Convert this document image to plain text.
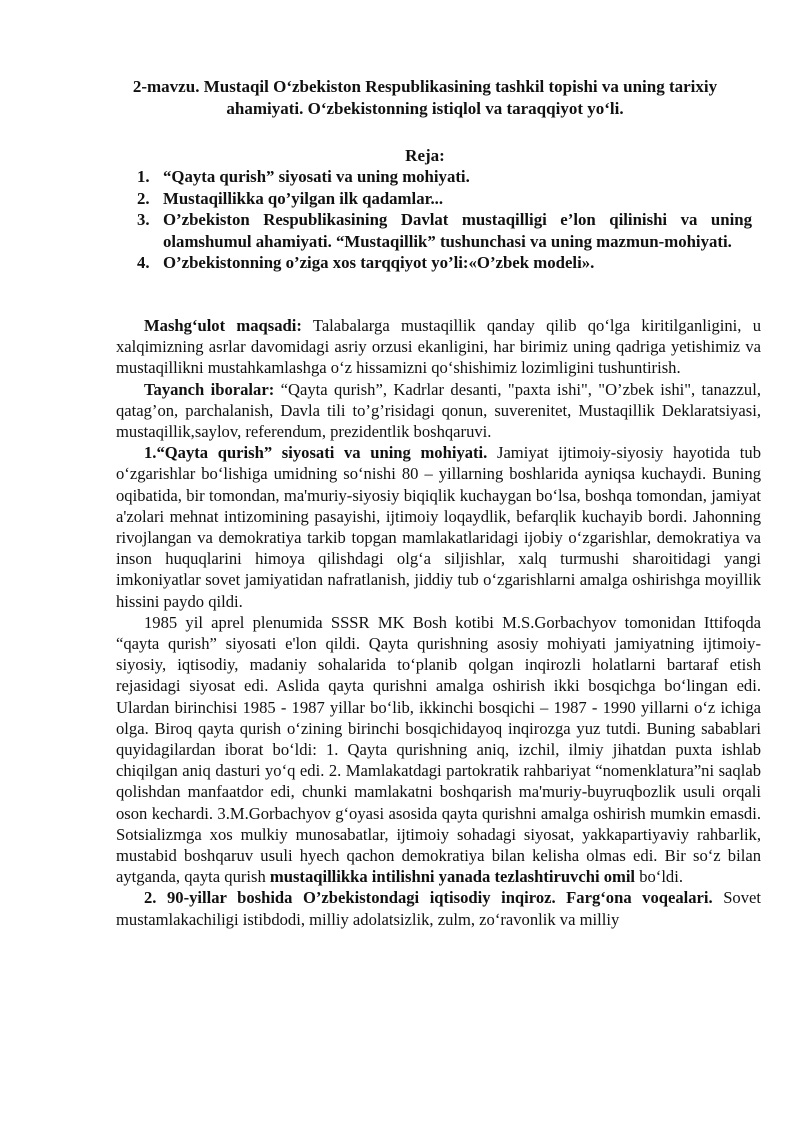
2-mavzu. Mustaqil O‘zbekiston Respublikasining tashkil topishi va uning tarixiy ahamiyati. O‘zbekistonning istiqlol va taraqqiyot yo‘li.
Reja:
1. “Qayta qurish” siyosati va uning mohiyati.
2. Mustaqillikka qo’yilgan ilk qadamlar...
3. O’zbekiston Respublikasining Davlat mustaqilligi e’lon qilinishi va uning olamshumul ahamiyati. “Mustaqillik” tushunchasi va uning mazmun-mohiyati.
4. O’zbekistonning o’ziga xos tarqqiyot yo’li:«O’zbek modeli».

Mashg‘ulot maqsadi: Talabalarga mustaqillik qanday qilib qo‘lga kiritilganligini, u xalqimizning asrlar davomidagi asriy orzusi ekanligini, har birimiz uning qadriga yetishimiz va mustaqillikni mustahkamlashga o‘z hissamizni qo‘shishimiz lozimligini tushuntirish.

Tayanch iboralar: “Qayta qurish”, Kadrlar desanti, "paxta ishi", "O’zbek ishi", tanazzul, qatag’on, parchalanish, Davla tili to’g’risidagi qonun, suverenitet, Mustaqillik Deklaratsiyasi, mustaqillik,saylov, referendum, prezidentlik boshqaruvi.

1.“Qayta qurish” siyosati va uning mohiyati. Jamiyat ijtimoiy-siyosiy hayotida tub o‘zgarishlar bo‘lishiga umidning so‘nishi 80 – yillarning boshlarida ayniqsa kuchaydi. Buning oqibatida, bir tomondan, ma'muriy-siyosiy biqiqlik kuchaygan bo‘lsa, boshqa tomondan, jamiyat a'zolari mehnat intizomining pasayishi, ijtimoiy loqaydlik, befarqlik kuchayib bordi. Jahonning rivojlangan va demokratiya tarkib topgan mamlakatlaridagi ijobiy o‘zgarishlar, demokratiya va inson huquqlarini himoya qilishdagi olg‘a siljishlar, xalq turmushi sharoitidagi yangi imkoniyatlar sovet jamiyatidan nafratlanish, jiddiy tub o‘zgarishlarni amalga oshirishga moyillik hissini paydo qildi.

1985 yil aprel plenumida SSSR MK Bosh kotibi M.S.Gorbachyov tomonidan Ittifoqda “qayta qurish” siyosati e'lon qildi. Qayta qurishning asosiy mohiyati jamiyatning ijtimoiy-siyosiy, iqtisodiy, madaniy sohalarida to‘planib qolgan inqirozli holatlarni bartaraf etish rejasidagi siyosat edi. Aslida qayta qurishni amalga oshirish ikki bosqichga bo‘lingan edi. Ulardan birinchisi 1985 - 1987 yillar bo‘lib, ikkinchi bosqichi – 1987 - 1990 yillarni o‘z ichiga olga. Biroq qayta qurish o‘zining birinchi bosqichidayoq inqirozga yuz tutdi. Buning sabablari quyidagilardan iborat bo‘ldi: 1. Qayta qurishning aniq, izchil, ilmiy jihatdan puxta ishlab chiqilgan aniq dasturi yo‘q edi. 2. Mamlakatdagi partokratik rahbariyat “nomenklatura”ni saqlab qolishdan manfaatdor edi, chunki mamlakatni boshqarish ma'muriy-buyruqbozlik usuli orqali oson kechardi. 3.M.Gorbachyov g‘oyasi asosida qayta qurishni amalga oshirish mumkin emasdi. Sotsializmga xos mulkiy munosabatlar, ijtimoiy sohadagi siyosat, yakkapartiyaviy rahbarlik, mustabid boshqaruv usuli hyech qachon demokratiya bilan kelisha olmas edi. Bir so‘z bilan aytganda, qayta qurish mustaqillikka intilishni yanada tezlashtiruvchi omil bo‘ldi.

2. 90-yillar boshida O’zbekistondagi iqtisodiy inqiroz. Farg‘ona voqealari. Sovet mustamlakachiligi istibdodi, milliy adolatsizlik, zulm, zo‘ravonlik va milliy
